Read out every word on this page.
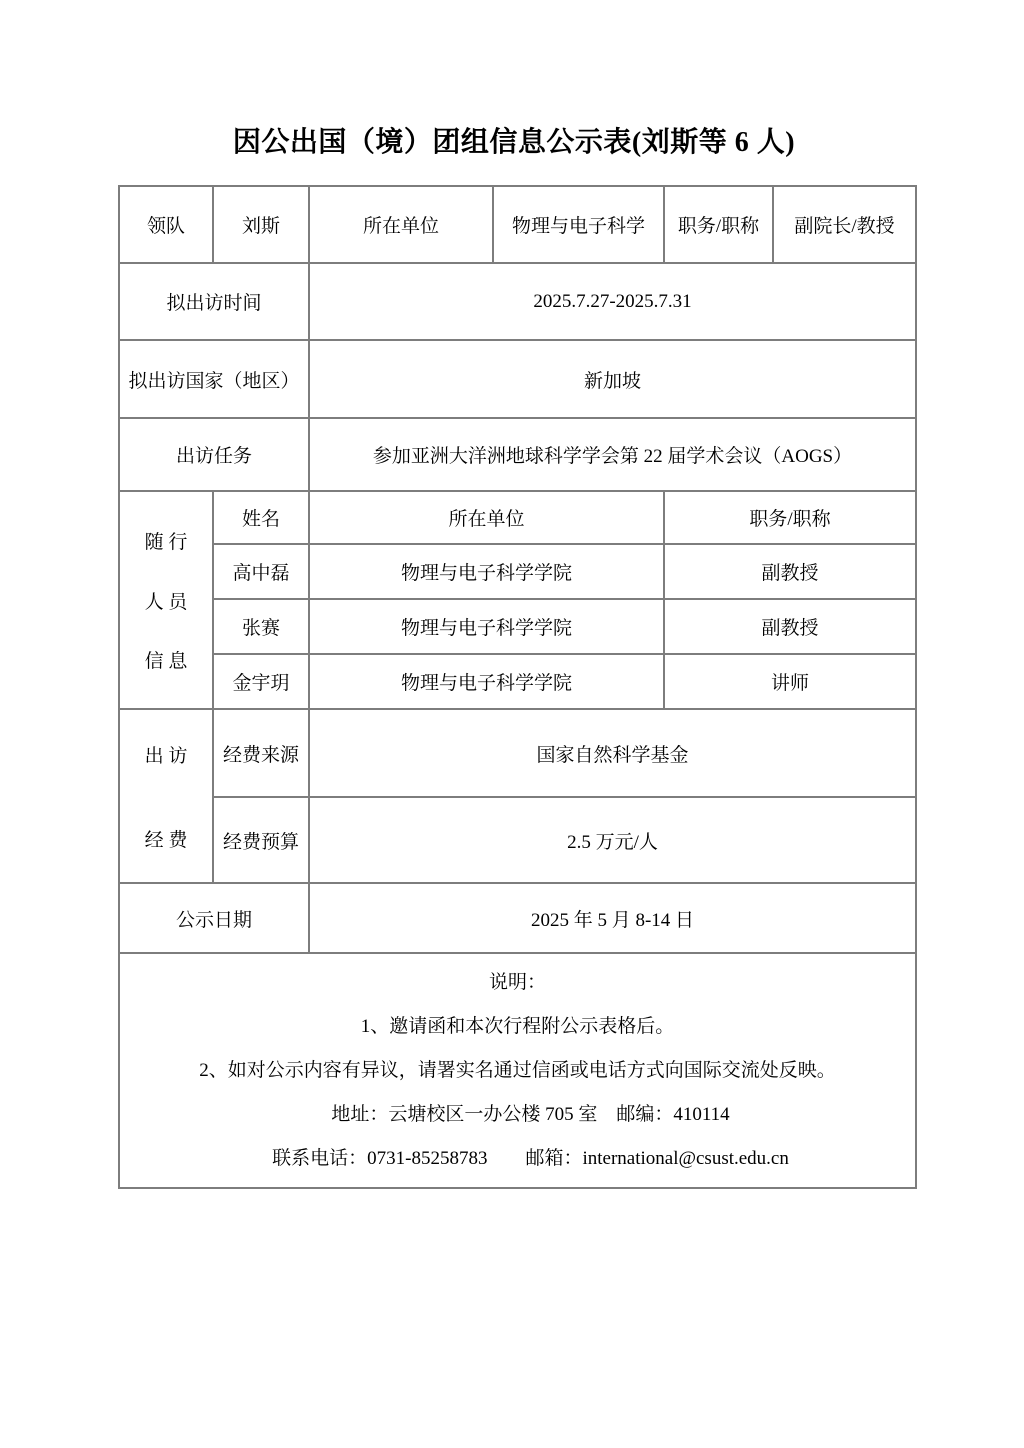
因公出国（境）团组信息公示表(刘斯等 6 人)
领队	刘斯	所在单位	物理与电子科学	职务/职称	副院长/教授
拟出访时间		2025.7.27-2025.7.31			
拟出访国家（地区）		新加坡			
出访任务		参加亚洲大洋洲地球科学学会第 22 届学术会议（AOGS）			

随 行
人 员
信 息	姓名	所在单位		职务/职称	
	高中磊	物理与电子科学学院		副教授	
	张赛	物理与电子科学学院		副教授	
	金宇玥	物理与电子科学学院		讲师	

出 访
经 费	经费来源	国家自然科学基金			
	经费预算	2.5 万元/人			
公示日期		2025 年 5 月 8-14 日			

说明：
1、邀请函和本次行程附公示表格后。
2、如对公示内容有异议，请署实名通过信函或电话方式向国际交流处反映。
地址：云塘校区一办公楼 705 室　邮编：410114
联系电话：0731-85258783　　邮箱：international@csust.edu.cn					
